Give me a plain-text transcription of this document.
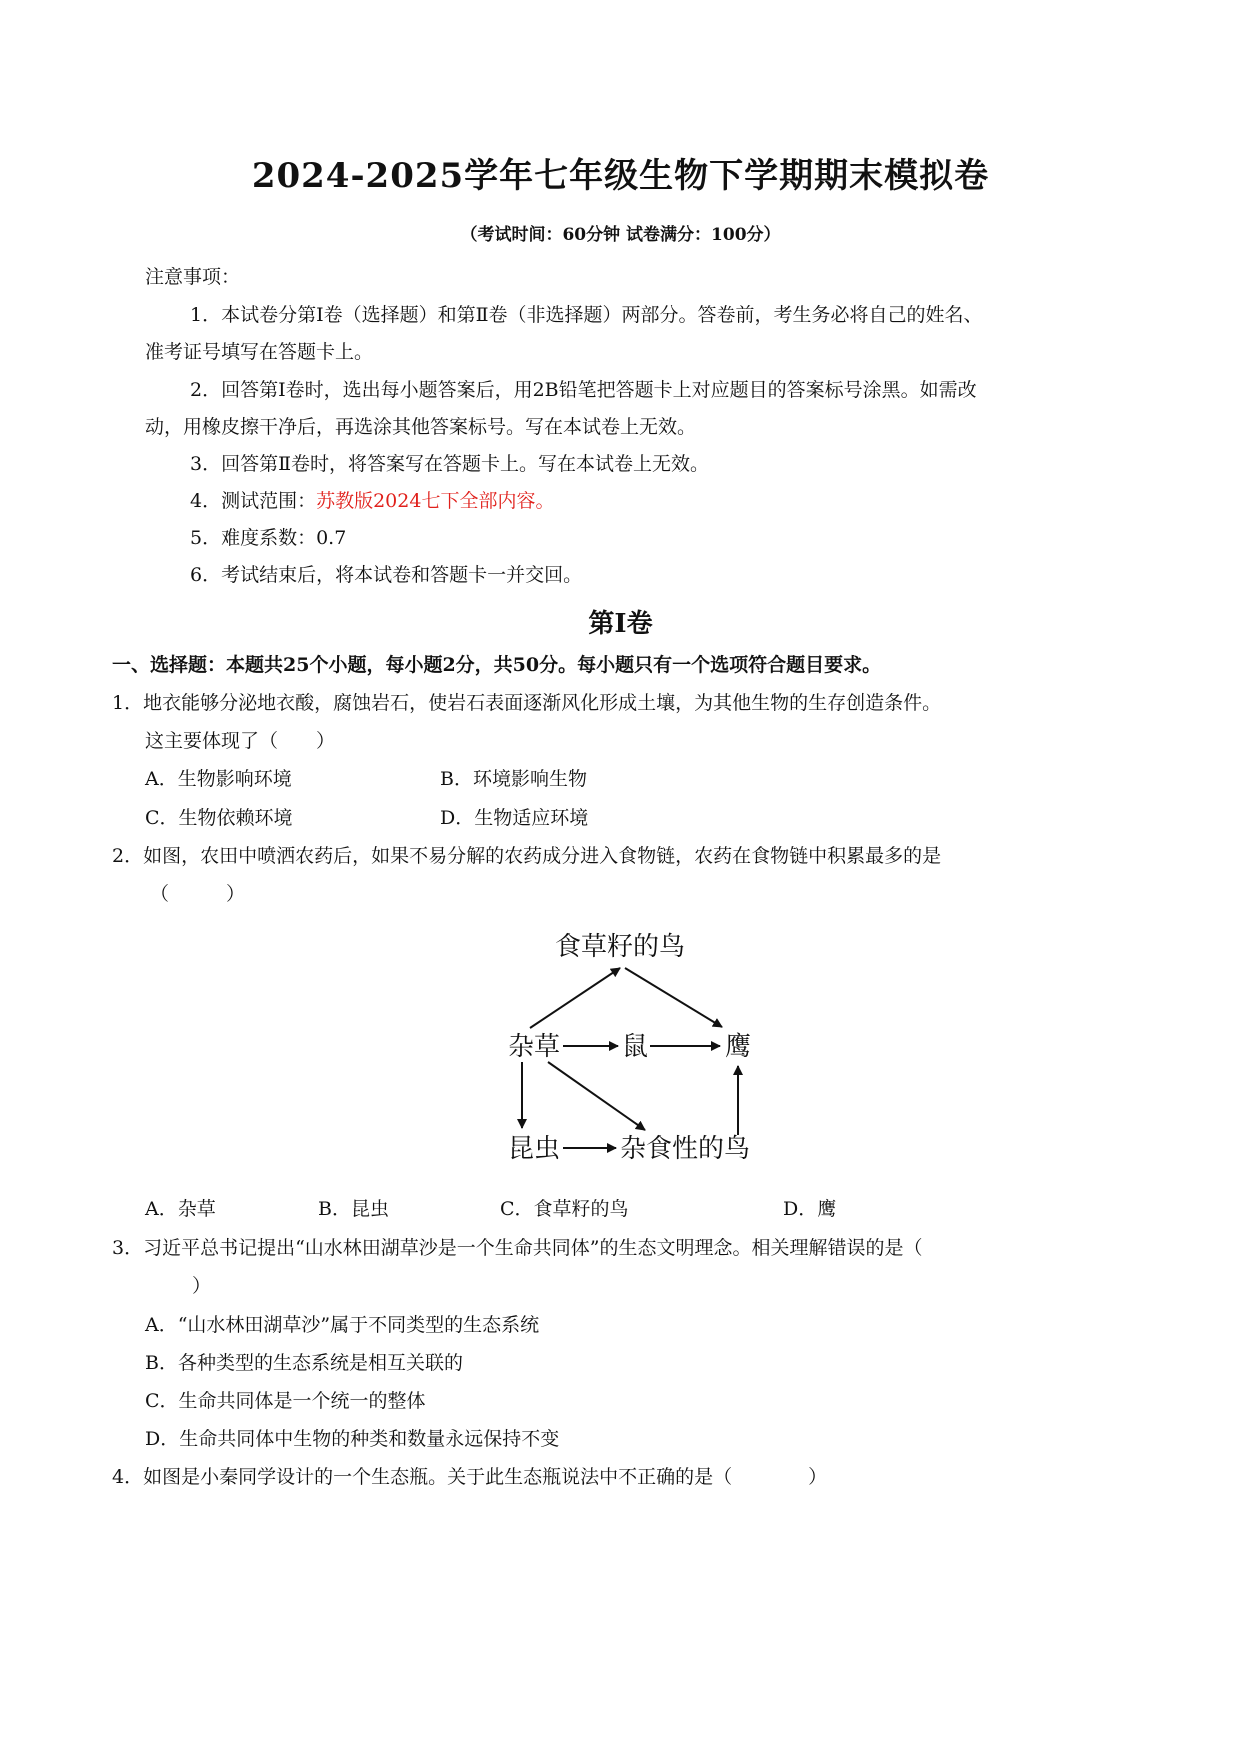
2024-2025学年七年级生物下学期期末模拟卷
（考试时间：60分钟 试卷满分：100分）
注意事项：
1．本试卷分第Ⅰ卷（选择题）和第Ⅱ卷（非选择题）两部分。答卷前，考生务必将自己的姓名、
准考证号填写在答题卡上。
2．回答第Ⅰ卷时，选出每小题答案后，用2B铅笔把答题卡上对应题目的答案标号涂黑。如需改
动，用橡皮擦干净后，再选涂其他答案标号。写在本试卷上无效。
3．回答第Ⅱ卷时，将答案写在答题卡上。写在本试卷上无效。
4．测试范围：苏教版2024七下全部内容。
5．难度系数：0.7
6．考试结束后，将本试卷和答题卡一并交回。
第Ⅰ卷
一、选择题：本题共25个小题，每小题2分，共50分。每小题只有一个选项符合题目要求。
1．地衣能够分泌地衣酸，腐蚀岩石，使岩石表面逐渐风化形成土壤，为其他生物的生存创造条件。
这主要体现了（　　）
A．生物影响环境	B．环境影响生物
C．生物依赖环境	D．生物适应环境
2．如图，农田中喷洒农药后，如果不易分解的农药成分进入食物链，农药在食物链中积累最多的是
（　　　）
食草籽的鸟
杂草 鼠	鹰
昆虫 杂食性的鸟
A．杂草	B．昆虫	C．食草籽的鸟	D．鹰
3．习近平总书记提出“山水林田湖草沙是一个生命共同体”的生态文明理念。相关理解错误的是（
）
A．“山水林田湖草沙”属于不同类型的生态系统
B．各种类型的生态系统是相互关联的
C．生命共同体是一个统一的整体
D．生命共同体中生物的种类和数量永远保持不变
4．如图是小秦同学设计的一个生态瓶。关于此生态瓶说法中不正确的是（　　　　）
